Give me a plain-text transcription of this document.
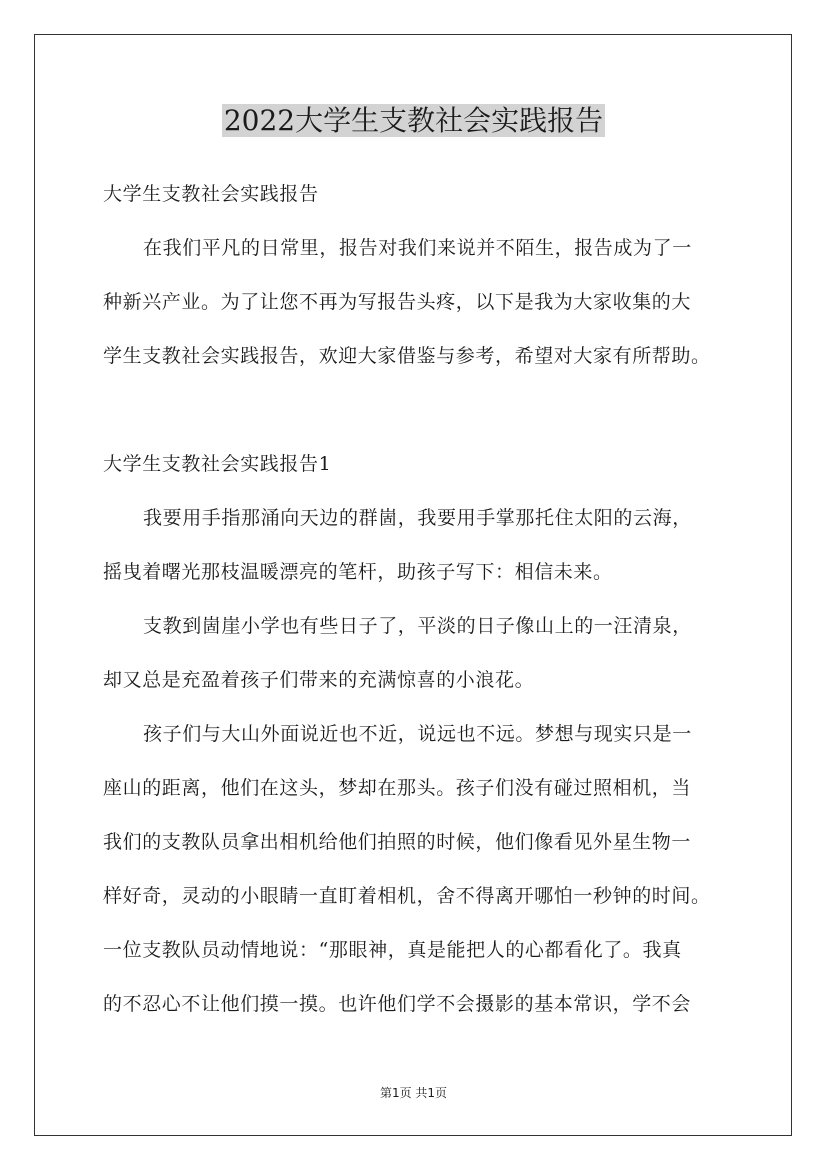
2022大学生支教社会实践报告
大学生支教社会实践报告
在我们平凡的日常里，报告对我们来说并不陌生，报告成为了一
种新兴产业。为了让您不再为写报告头疼，以下是我为大家收集的大
学生支教社会实践报告，欢迎大家借鉴与参考，希望对大家有所帮助。
大学生支教社会实践报告1
我要用手指那涌向天边的群崮，我要用手掌那托住太阳的云海，
摇曳着曙光那枝温暖漂亮的笔杆，助孩子写下：相信未来。
支教到崮崖小学也有些日子了，平淡的日子像山上的一汪清泉，
却又总是充盈着孩子们带来的充满惊喜的小浪花。
孩子们与大山外面说近也不近，说远也不远。梦想与现实只是一
座山的距离，他们在这头，梦却在那头。孩子们没有碰过照相机，当
我们的支教队员拿出相机给他们拍照的时候，他们像看见外星生物一
样好奇，灵动的小眼睛一直盯着相机，舍不得离开哪怕一秒钟的时间。
一位支教队员动情地说：“那眼神，真是能把人的心都看化了。我真
的不忍心不让他们摸一摸。也许他们学不会摄影的基本常识，学不会
第1页 共1页
